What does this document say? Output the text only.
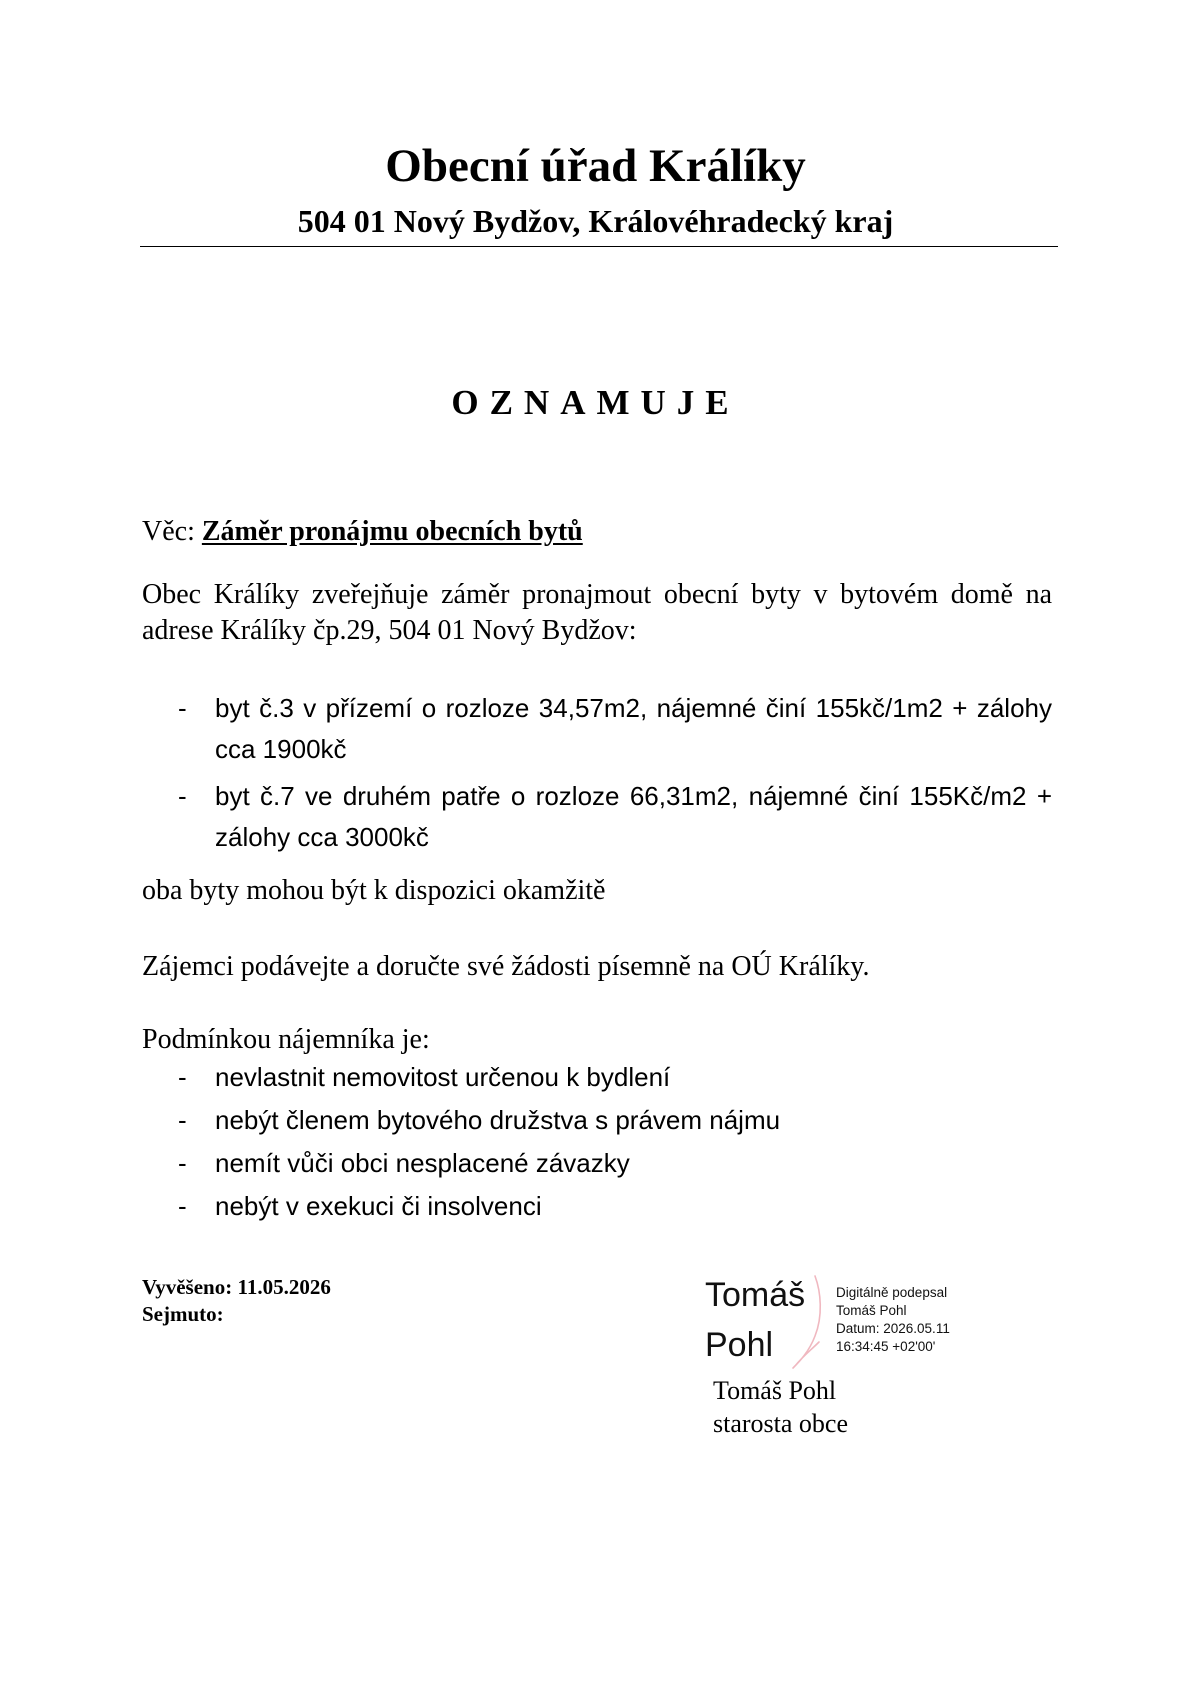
Obecní úřad Králíky
504 01 Nový Bydžov, Královéhradecký kraj
OZNAMUJE
Věc: Záměr pronájmu obecních bytů
Obec Králíky zveřejňuje záměr pronajmout obecní byty v bytovém domě na adrese Králíky čp.29, 504 01 Nový Bydžov:
- byt č.3 v přízemí o rozloze 34,57m2, nájemné činí 155kč/1m2 + zálohy cca 1900kč
- byt č.7 ve druhém patře o rozloze 66,31m2, nájemné činí 155Kč/m2 + zálohy cca 3000kč
oba byty mohou být k dispozici okamžitě
Zájemci podávejte a doručte své žádosti písemně na OÚ Králíky.
Podmínkou nájemníka je:
- nevlastnit nemovitost určenou k bydlení
- nebýt členem bytového družstva s právem nájmu
- nemít vůči obci nesplacené závazky
- nebýt v exekuci či insolvenci
Vyvěšeno: 11.05.2026
Sejmuto:	Tomáš
Pohl
Digitálně podepsal
Tomáš Pohl
Datum: 2026.05.11
16:34:45 +02'00'
Tomáš Pohl
starosta obce
